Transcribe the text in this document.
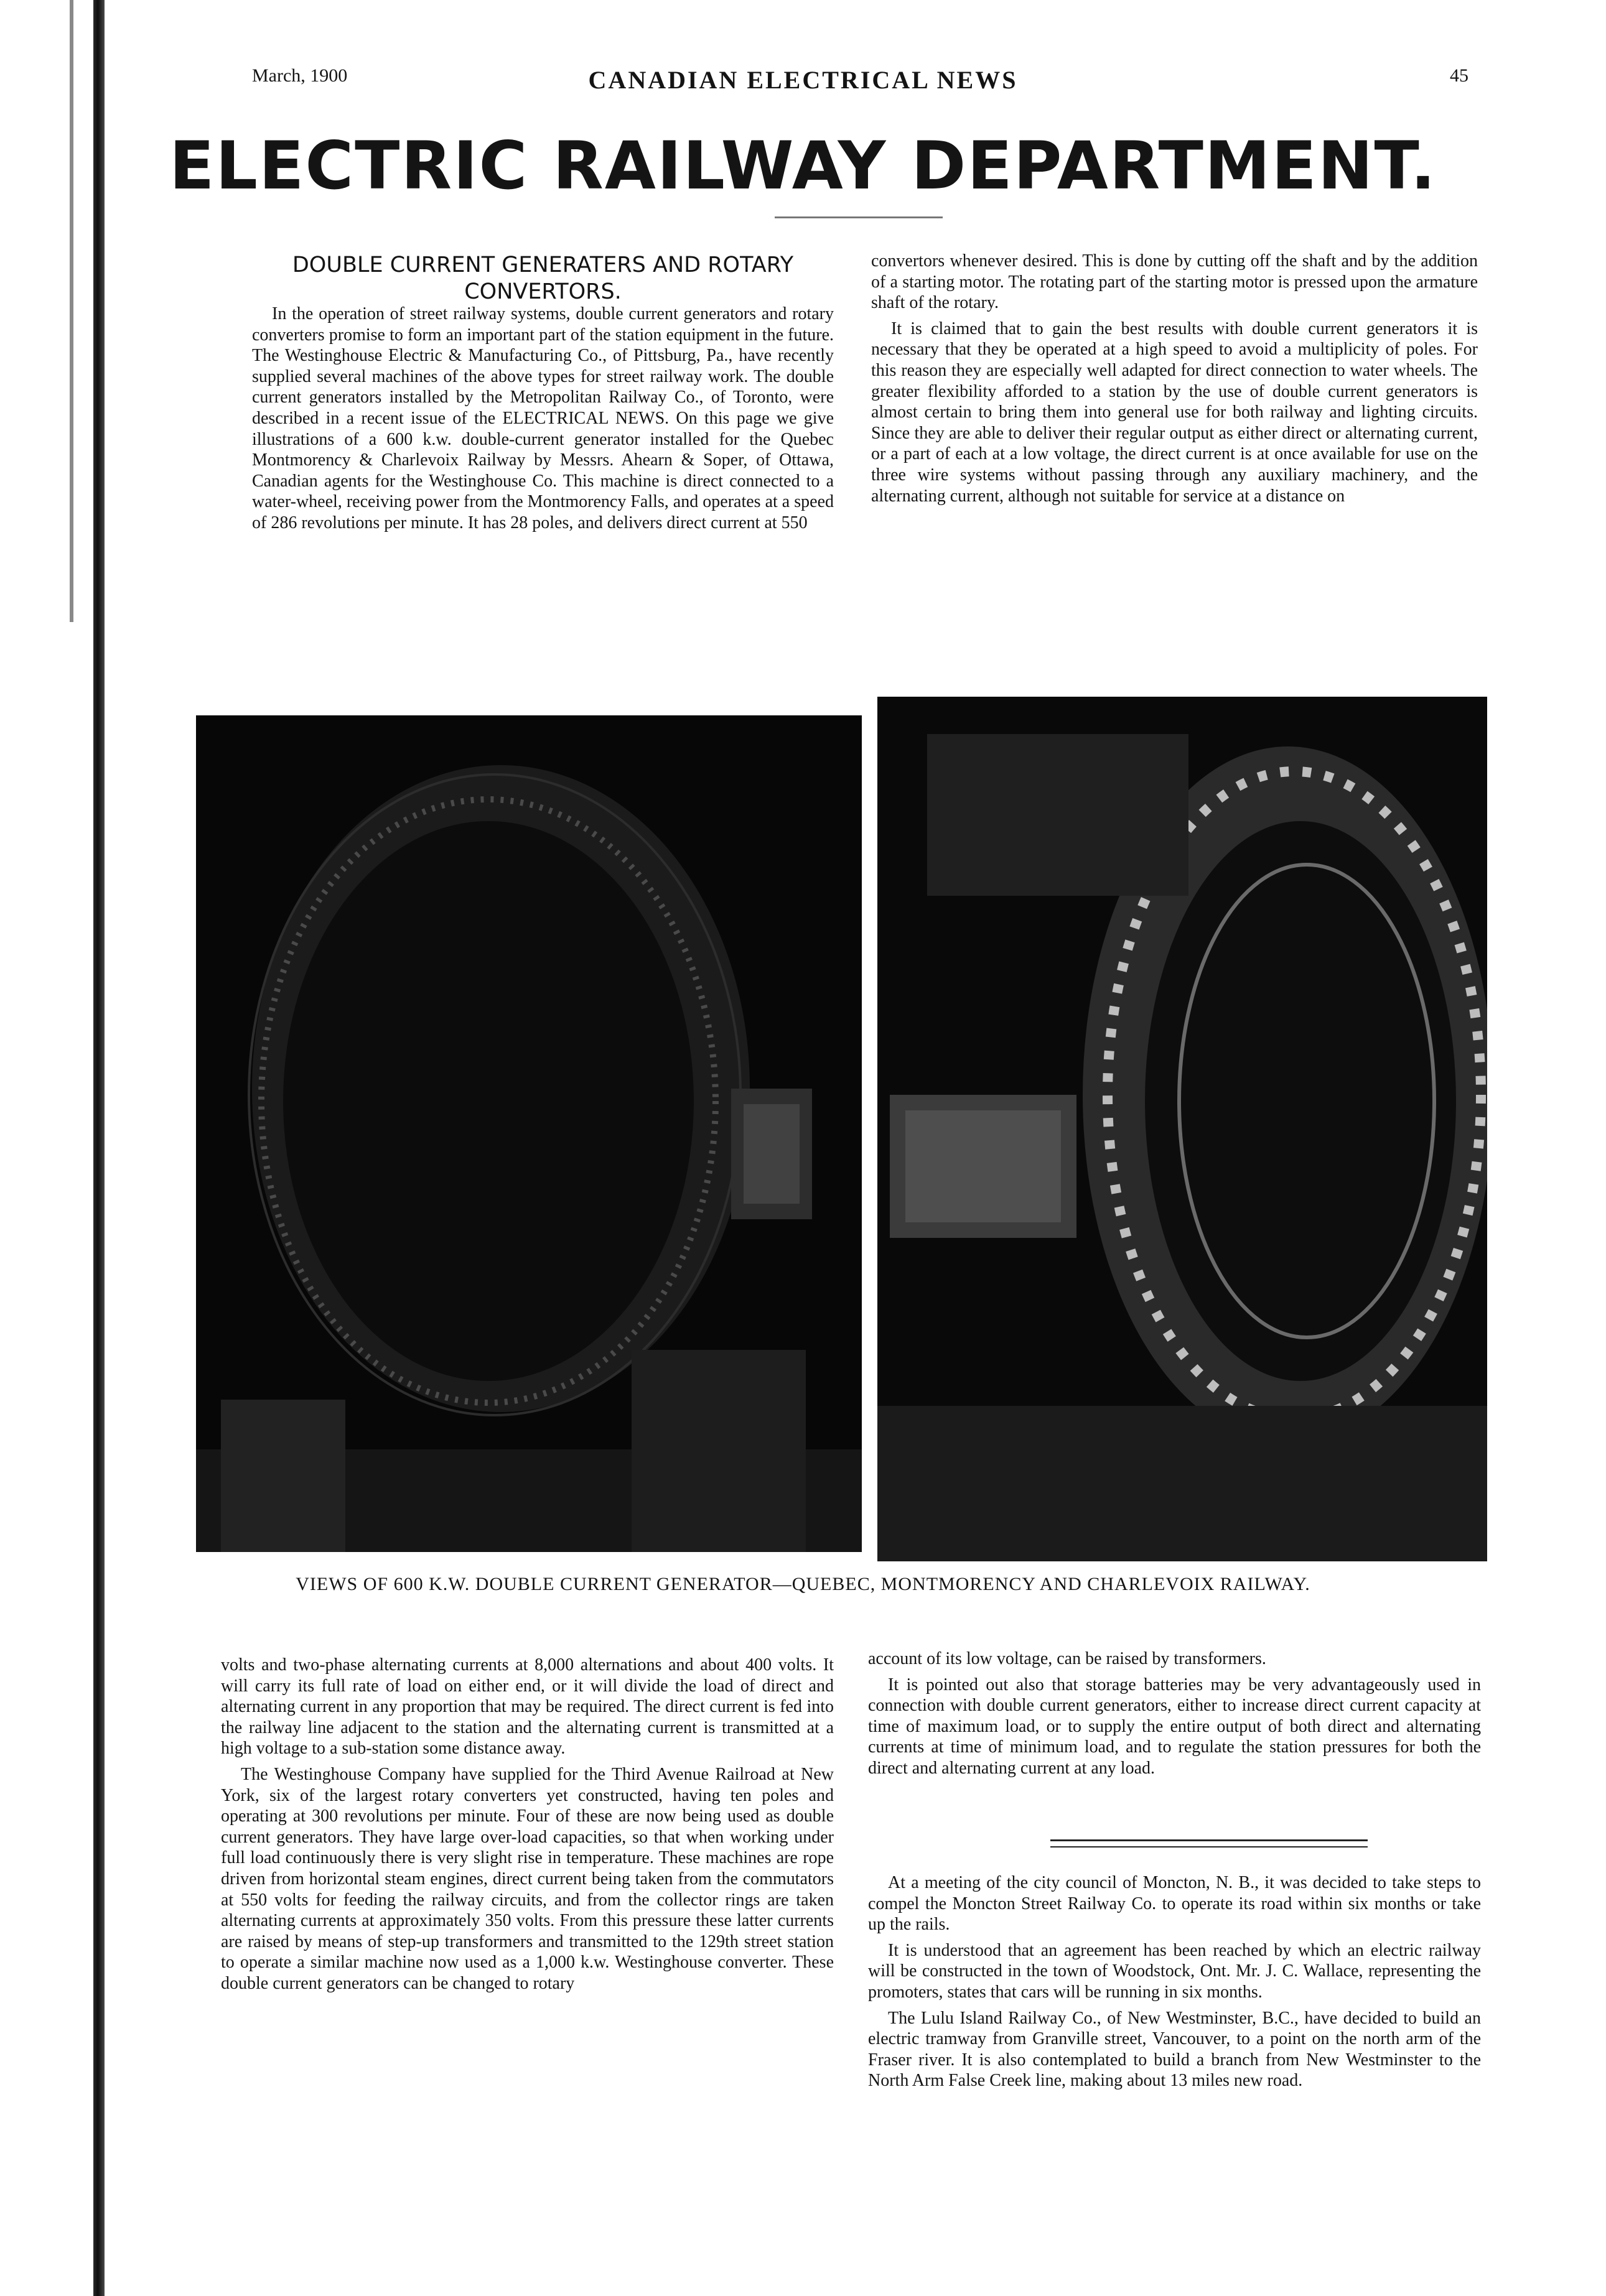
March, 1900	CANADIAN ELECTRICAL NEWS	45
ELECTRIC RAILWAY DEPARTMENT.
DOUBLE CURRENT GENERATERS AND ROTARY CONVERTORS.

In the operation of street railway systems, double current generators and rotary converters promise to form an important part of the station equipment in the future. The Westinghouse Electric & Manufacturing Co., of Pittsburg, Pa., have recently supplied several machines of the above types for street railway work. The double current generators installed by the Metropolitan Railway Co., of Toronto, were described in a recent issue of the ELECTRICAL NEWS. On this page we give illustrations of a 600 k.w. double-current generator installed for the Quebec Montmorency & Charlevoix Railway by Messrs. Ahearn & Soper, of Ottawa, Canadian agents for the Westinghouse Co. This machine is direct connected to a water-wheel, receiving power from the Montmorency Falls, and operates at a speed of 286 revolutions per minute. It has 28 poles, and delivers direct current at 550

convertors whenever desired. This is done by cutting off the shaft and by the addition of a starting motor. The rotating part of the starting motor is pressed upon the armature shaft of the rotary.

It is claimed that to gain the best results with double current generators it is necessary that they be operated at a high speed to avoid a multiplicity of poles. For this reason they are especially well adapted for direct connection to water wheels. The greater flexibility afforded to a station by the use of double current generators is almost certain to bring them into general use for both railway and lighting circuits. Since they are able to deliver their regular output as either direct or alternating current, or a part of each at a low voltage, the direct current is at once available for use on the three wire systems without passing through any auxiliary machinery, and the alternating current, although not suitable for service at a distance on

VIEWS OF 600 K.W. DOUBLE CURRENT GENERATOR—QUEBEC, MONTMORENCY AND CHARLEVOIX RAILWAY.

volts and two-phase alternating currents at 8,000 alternations and about 400 volts. It will carry its full rate of load on either end, or it will divide the load of direct and alternating current in any proportion that may be required. The direct current is fed into the railway line adjacent to the station and the alternating current is transmitted at a high voltage to a sub-station some distance away.

The Westinghouse Company have supplied for the Third Avenue Railroad at New York, six of the largest rotary converters yet constructed, having ten poles and operating at 300 revolutions per minute. Four of these are now being used as double current generators. They have large over-load capacities, so that when working under full load continuously there is very slight rise in temperature. These machines are rope driven from horizontal steam engines, direct current being taken from the commutators at 550 volts for feeding the railway circuits, and from the collector rings are taken alternating currents at approximately 350 volts. From this pressure these latter currents are raised by means of step-up transformers and transmitted to the 129th street station to operate a similar machine now used as a 1,000 k.w. Westinghouse converter. These double current generators can be changed to rotary

account of its low voltage, can be raised by transformers.

It is pointed out also that storage batteries may be very advantageously used in connection with double current generators, either to increase direct current capacity at time of maximum load, or to supply the entire output of both direct and alternating currents at time of minimum load, and to regulate the station pressures for both the direct and alternating current at any load.

At a meeting of the city council of Moncton, N. B., it was decided to take steps to compel the Moncton Street Railway Co. to operate its road within six months or take up the rails.

It is understood that an agreement has been reached by which an electric railway will be constructed in the town of Woodstock, Ont. Mr. J. C. Wallace, representing the promoters, states that cars will be running in six months.

The Lulu Island Railway Co., of New Westminster, B.C., have decided to build an electric tramway from Granville street, Vancouver, to a point on the north arm of the Fraser river. It is also contemplated to build a branch from New Westminster to the North Arm False Creek line, making about 13 miles new road.
